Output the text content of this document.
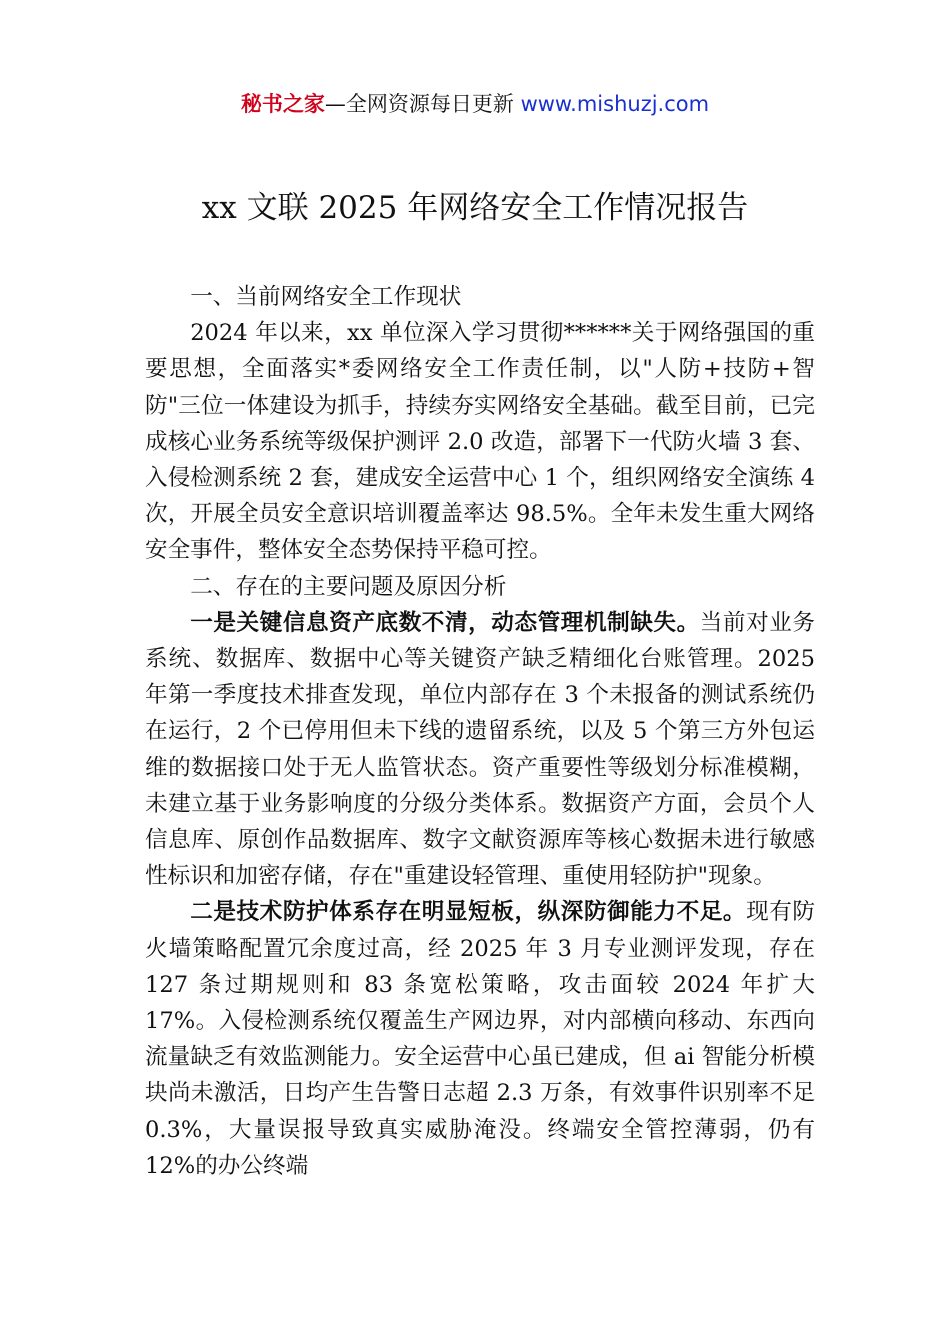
秘书之家—全网资源每日更新 www.mishuzj.com
xx 文联 2025 年网络安全工作情况报告

一、当前网络安全工作现状

2024 年以来，xx 单位深入学习贯彻******关于网络强国的重要思想，全面落实*委网络安全工作责任制，以"人防+技防+智防"三位一体建设为抓手，持续夯实网络安全基础。截至目前，已完成核心业务系统等级保护测评 2.0 改造，部署下一代防火墙 3 套、入侵检测系统 2 套，建成安全运营中心 1 个，组织网络安全演练 4 次，开展全员安全意识培训覆盖率达 98.5%。全年未发生重大网络安全事件，整体安全态势保持平稳可控。

二、存在的主要问题及原因分析

一是关键信息资产底数不清，动态管理机制缺失。当前对业务系统、数据库、数据中心等关键资产缺乏精细化台账管理。2025 年第一季度技术排查发现，单位内部存在 3 个未报备的测试系统仍在运行，2 个已停用但未下线的遗留系统，以及 5 个第三方外包运维的数据接口处于无人监管状态。资产重要性等级划分标准模糊，未建立基于业务影响度的分级分类体系。数据资产方面，会员个人信息库、原创作品数据库、数字文献资源库等核心数据未进行敏感性标识和加密存储，存在"重建设轻管理、重使用轻防护"现象。

二是技术防护体系存在明显短板，纵深防御能力不足。现有防火墙策略配置冗余度过高，经 2025 年 3 月专业测评发现，存在 127 条过期规则和 83 条宽松策略，攻击面较 2024 年扩大 17%。入侵检测系统仅覆盖生产网边界，对内部横向移动、东西向流量缺乏有效监测能力。安全运营中心虽已建成，但 ai 智能分析模块尚未激活，日均产生告警日志超 2.3 万条，有效事件识别率不足 0.3%，大量误报导致真实威胁淹没。终端安全管控薄弱，仍有 12%的办公终端
